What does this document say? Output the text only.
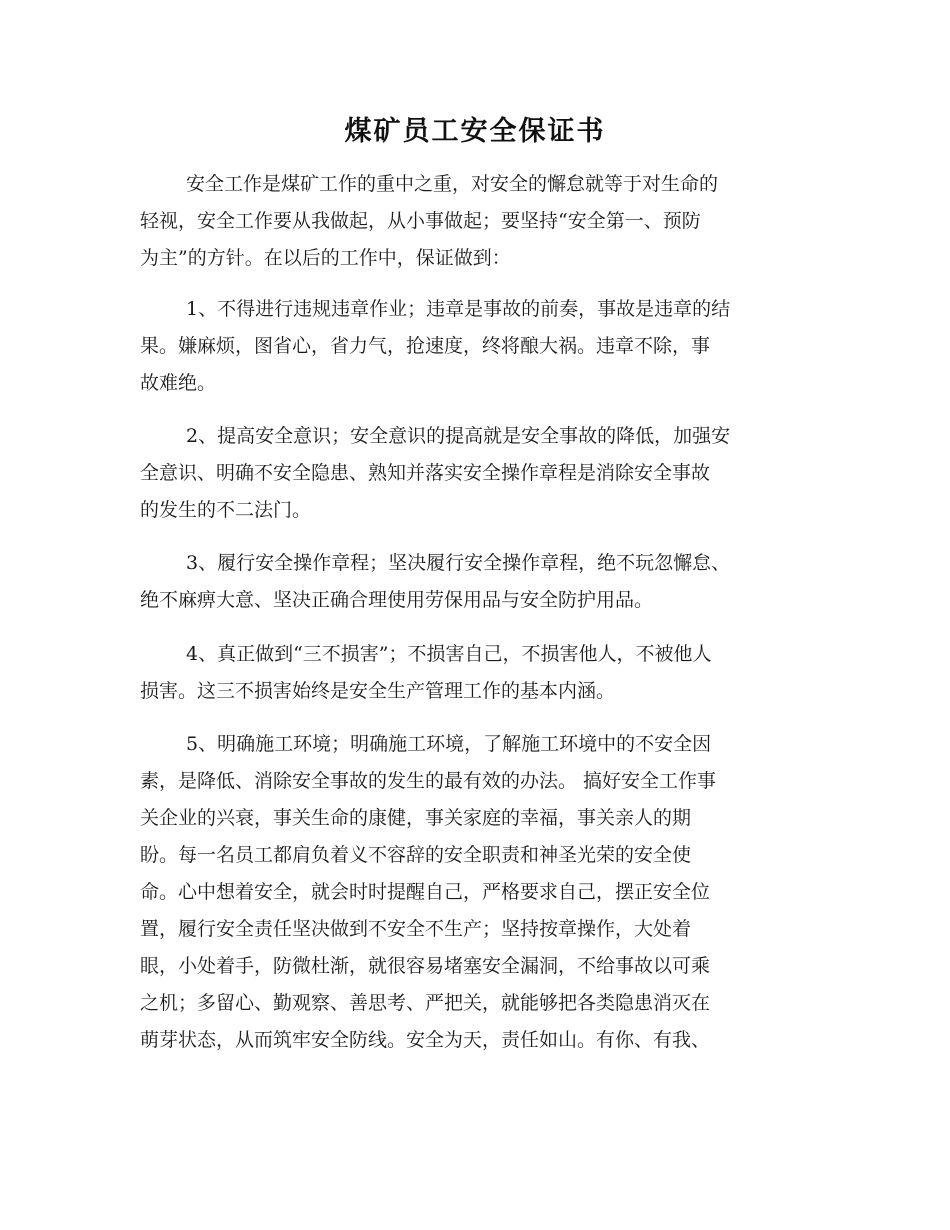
煤矿员工安全保证书

安全工作是煤矿工作的重中之重，对安全的懈怠就等于对生命的

轻视，安全工作要从我做起，从小事做起；要坚持“安全第一、预防

为主”的方针。在以后的工作中，保证做到：

1、不得进行违规违章作业；违章是事故的前奏，事故是违章的结

果。嫌麻烦，图省心，省力气，抢速度，终将酿大祸。违章不除，事

故难绝。

2、提高安全意识；安全意识的提高就是安全事故的降低，加强安

全意识、明确不安全隐患、熟知并落实安全操作章程是消除安全事故

的发生的不二法门。

3、履行安全操作章程；坚决履行安全操作章程，绝不玩忽懈怠、

绝不麻痹大意、坚决正确合理使用劳保用品与安全防护用品。

4、真正做到“三不损害”；不损害自己，不损害他人，不被他人

损害。这三不损害始终是安全生产管理工作的基本内涵。

5、明确施工环境；明确施工环境，了解施工环境中的不安全因

素，是降低、消除安全事故的发生的最有效的办法。 搞好安全工作事

关企业的兴衰，事关生命的康健，事关家庭的幸福，事关亲人的期

盼。每一名员工都肩负着义不容辞的安全职责和神圣光荣的安全使

命。心中想着安全，就会时时提醒自己，严格要求自己，摆正安全位

置，履行安全责任坚决做到不安全不生产；坚持按章操作，大处着

眼，小处着手，防微杜渐，就很容易堵塞安全漏洞，不给事故以可乘

之机；多留心、勤观察、善思考、严把关，就能够把各类隐患消灭在

萌芽状态，从而筑牢安全防线。安全为天，责任如山。有你、有我、
